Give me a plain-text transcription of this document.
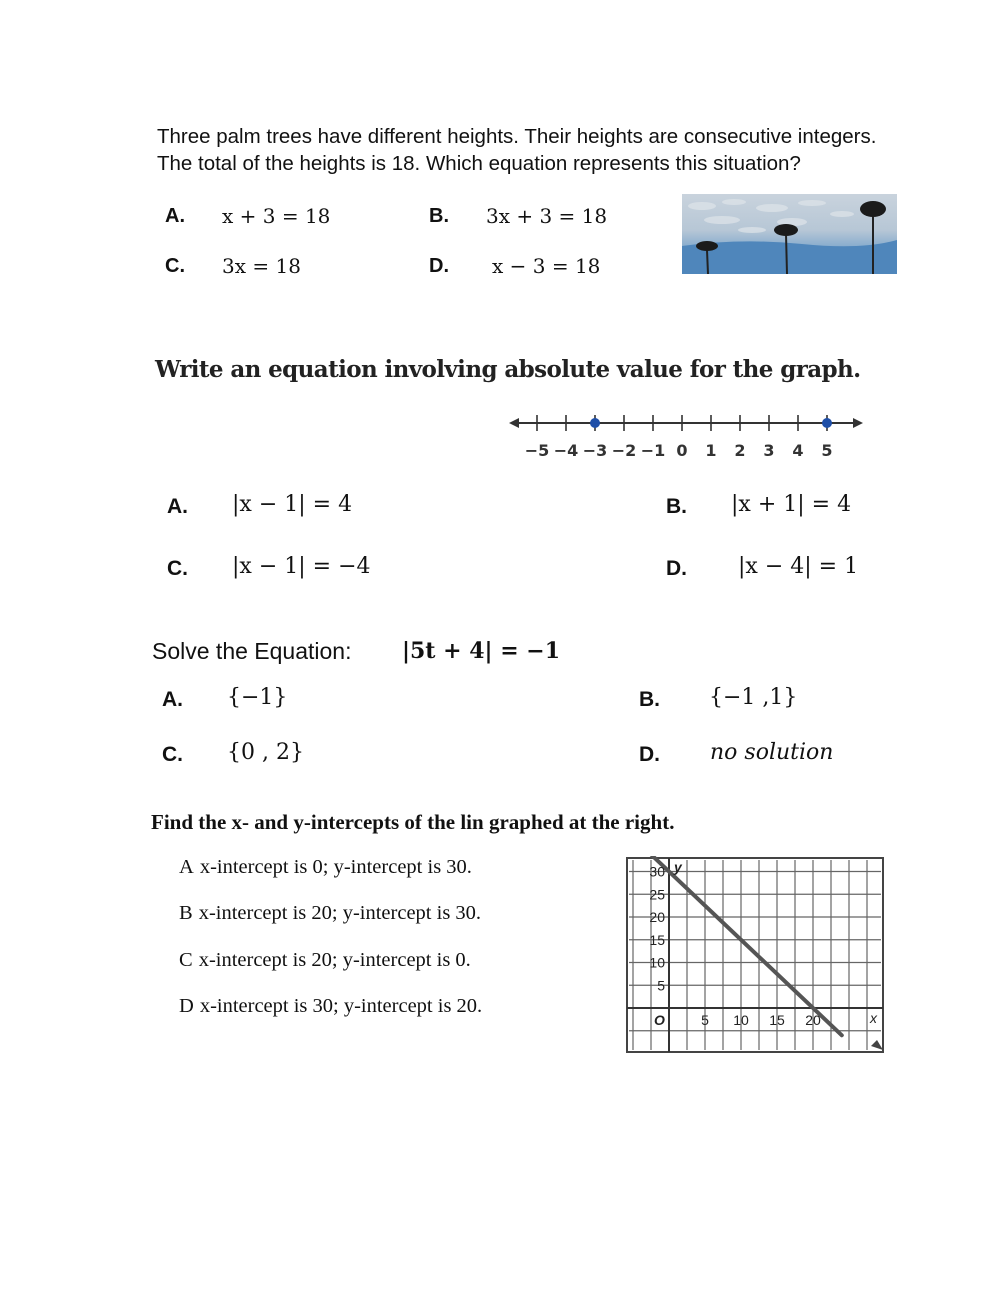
Three palm trees have different heights. Their heights are consecutive integers. The total of the heights is 18. Which equation represents this situation?
A. x + 3 = 18	B. 3x + 3 = 18
C. 3x = 18	D. x − 3 = 18
Write an equation involving absolute value for the graph.
−5 −4 −3 −2 −1 0 1 2 3 4 5
A. |x − 1| = 4	B. |x + 1| = 4
C. |x − 1| = −4	D. |x − 4| = 1
Solve the Equation: |5t + 4| = −1
A. {−1}	B. {−1 ,1}
C. {0 , 2}	D. no solution
Find the x- and y-intercepts of the lin graphed at the right.
A x-intercept is 0; y-intercept is 30.
B x-intercept is 20; y-intercept is 30.
C x-intercept is 20; y-intercept is 0.
D x-intercept is 30; y-intercept is 20.
30
25
20
15
10
5
5 10 15 20
O	x
y
